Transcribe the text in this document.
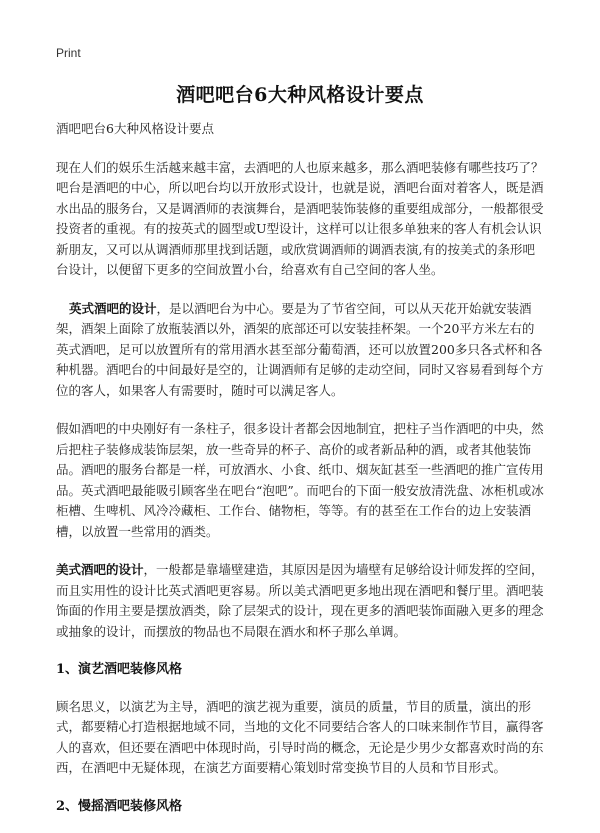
Print
酒吧吧台6大种风格设计要点
酒吧吧台6大种风格设计要点

现在人们的娱乐生活越来越丰富，去酒吧的人也原来越多，那么酒吧装修有哪些技巧了？吧台是酒吧的中心，所以吧台均以开放形式设计，也就是说，酒吧台面对着客人，既是酒水出品的服务台，又是调酒师的表演舞台，是酒吧装饰装修的重要组成部分，一般都很受投资者的重视。有的按英式的圆型或U型设计，这样可以让很多单独来的客人有机会认识新朋友，又可以从调酒师那里找到话题，或欣赏调酒师的调酒表演,有的按美式的条形吧台设计，以便留下更多的空间放置小台，给喜欢有自己空间的客人坐。

英式酒吧的设计，是以酒吧台为中心。要是为了节省空间，可以从天花开始就安装酒架，酒架上面除了放瓶装酒以外，酒架的底部还可以安装挂杯架。一个20平方米左右的英式酒吧，足可以放置所有的常用酒水甚至部分葡萄酒，还可以放置200多只各式杯和各种机器。酒吧台的中间最好是空的，让调酒师有足够的走动空间，同时又容易看到每个方位的客人，如果客人有需要时，随时可以满足客人。

假如酒吧的中央刚好有一条柱子，很多设计者都会因地制宜，把柱子当作酒吧的中央，然后把柱子装修成装饰层架，放一些奇异的杯子、高价的或者新品种的酒，或者其他装饰品。酒吧的服务台都是一样，可放酒水、小食、纸巾、烟灰缸甚至一些酒吧的推广宣传用品。英式酒吧最能吸引顾客坐在吧台“泡吧”。而吧台的下面一般安放清洗盘、冰柜机或冰柜槽、生啤机、风冷冷藏柜、工作台、储物柜，等等。有的甚至在工作台的边上安装酒槽，以放置一些常用的酒类。

美式酒吧的设计，一般都是靠墙壁建造，其原因是因为墙壁有足够给设计师发挥的空间，而且实用性的设计比英式酒吧更容易。所以美式酒吧更多地出现在酒吧和餐厅里。酒吧装饰面的作用主要是摆放酒类，除了层架式的设计，现在更多的酒吧装饰面融入更多的理念或抽象的设计，而摆放的物品也不局限在酒水和杯子那么单调。

1、演艺酒吧装修风格

顾名思义，以演艺为主导，酒吧的演艺视为重要，演员的质量，节目的质量，演出的形式，都要精心打造根据地域不同，当地的文化不同要结合客人的口味来制作节目，赢得客人的喜欢，但还要在酒吧中体现时尚，引导时尚的概念，无论是少男少女都喜欢时尚的东西，在酒吧中无疑体现，在演艺方面要精心策划时常变换节目的人员和节目形式。

2、慢摇酒吧装修风格
